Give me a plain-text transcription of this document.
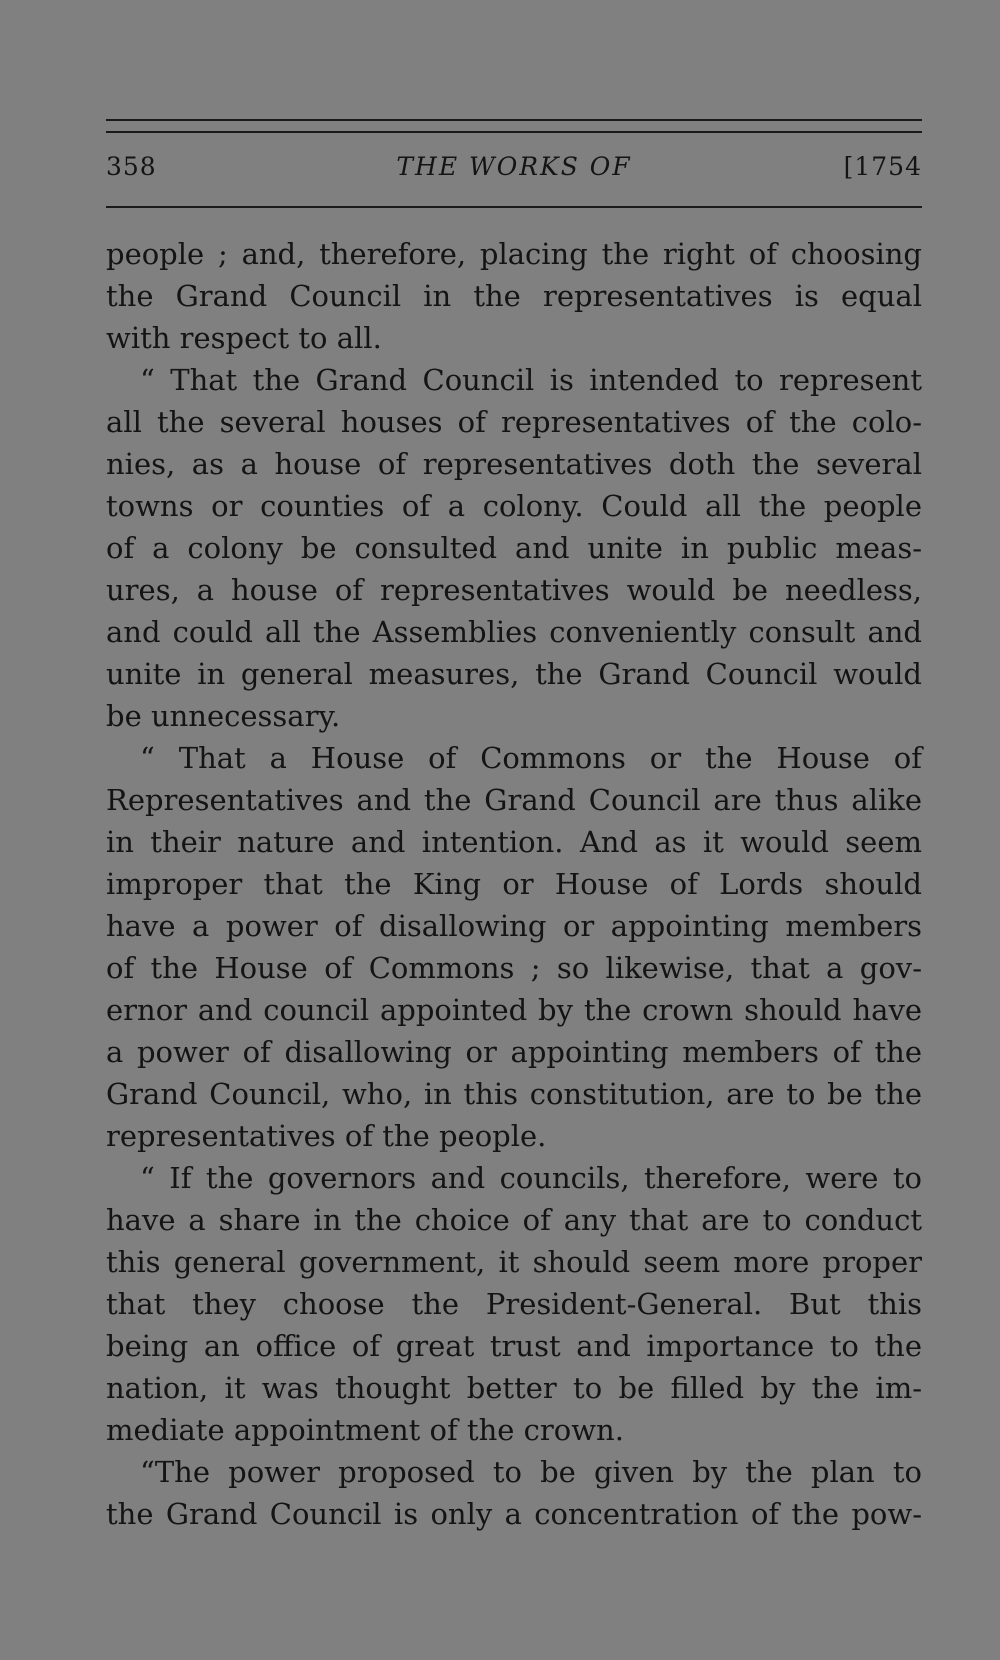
358	THE WORKS OF	[1754
people ; and, therefore, placing the right of choosing
the Grand Council in the representatives is equal
with respect to all.
“ That the Grand Council is intended to represent
all the several houses of representatives of the colo-
nies, as a house of representatives doth the several
towns or counties of a colony. Could all the people
of a colony be consulted and unite in public meas-
ures, a house of representatives would be needless,
and could all the Assemblies conveniently consult and
unite in general measures, the Grand Council would
be unnecessary.
“ That a House of Commons or the House of
Representatives and the Grand Council are thus alike
in their nature and intention. And as it would seem
improper that the King or House of Lords should
have a power of disallowing or appointing members
of the House of Commons ; so likewise, that a gov-
ernor and council appointed by the crown should have
a power of disallowing or appointing members of the
Grand Council, who, in this constitution, are to be the
representatives of the people.
“ If the governors and councils, therefore, were to
have a share in the choice of any that are to conduct
this general government, it should seem more proper
that they choose the President-General. But this
being an office of great trust and importance to the
nation, it was thought better to be filled by the im-
mediate appointment of the crown.
“The power proposed to be given by the plan to
the Grand Council is only a concentration of the pow-
